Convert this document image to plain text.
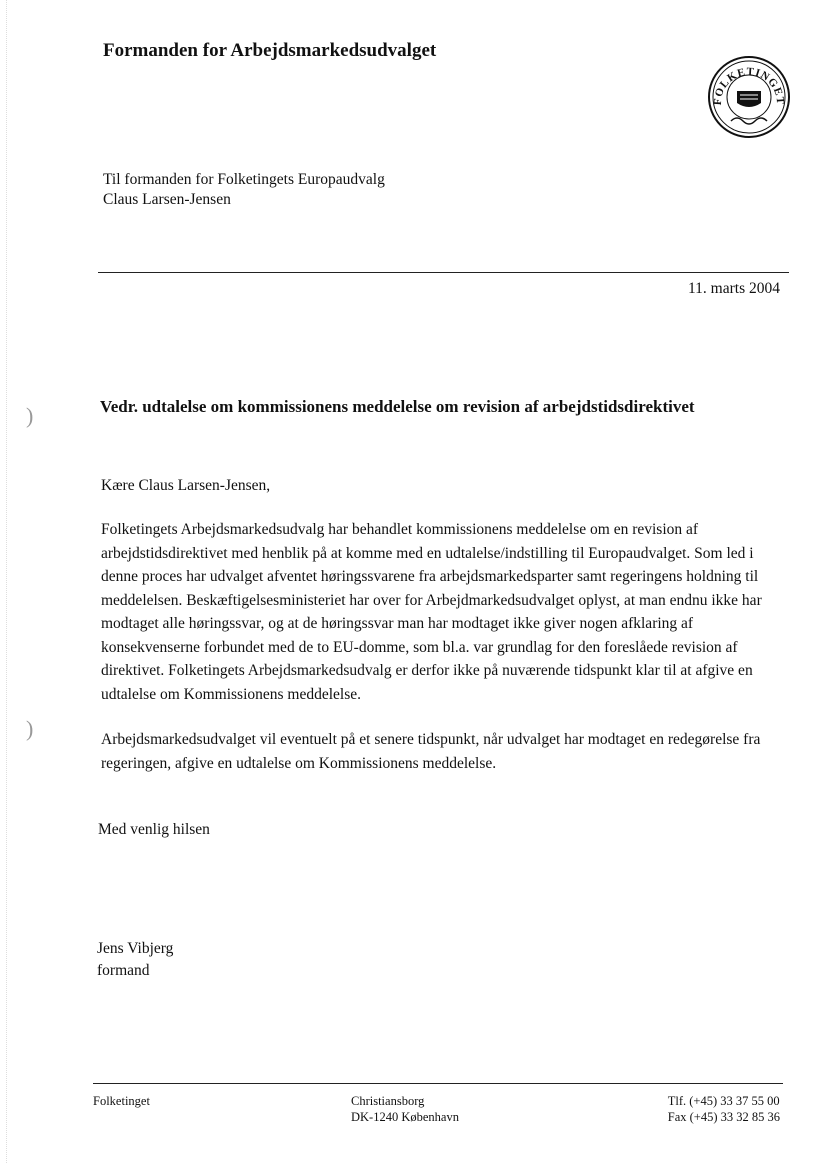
)
)
Formanden for Arbejdsmarkedsudvalget
FOLKETINGET
Til formanden for Folketingets Europaudvalg
Claus Larsen-Jensen
11. marts 2004
Vedr. udtalelse om kommissionens meddelelse om revision af arbejdstidsdirektivet
Kære Claus Larsen-Jensen,
Folketingets Arbejdsmarkedsudvalg har behandlet kommissionens meddelelse om en revision af arbejdstidsdirektivet med henblik på at komme med en udtalelse/indstilling til Europaudvalget. Som led i denne proces har udvalget afventet høringssvarene fra arbejdsmarkedsparter samt regeringens holdning til meddelelsen. Beskæftigelsesministeriet har over for Arbejdmarkedsudvalget oplyst, at man endnu ikke har modtaget alle høringssvar, og at de høringssvar man har modtaget ikke giver nogen afklaring af konsekvenserne forbundet med de to EU-domme, som bl.a. var grundlag for den foreslåede revision af direktivet. Folketingets Arbejdsmarkedsudvalg er derfor ikke på nuværende tidspunkt klar til at afgive en udtalelse om Kommissionens meddelelse.
Arbejdsmarkedsudvalget vil eventuelt på et senere tidspunkt, når udvalget har modtaget en redegørelse fra regeringen, afgive en udtalelse om Kommissionens meddelelse.
Med venlig hilsen
Jens Vibjerg
formand
Folketinget	Christiansborg
DK-1240 København
Tlf. (+45) 33 37 55 00
Fax (+45) 33 32 85 36
